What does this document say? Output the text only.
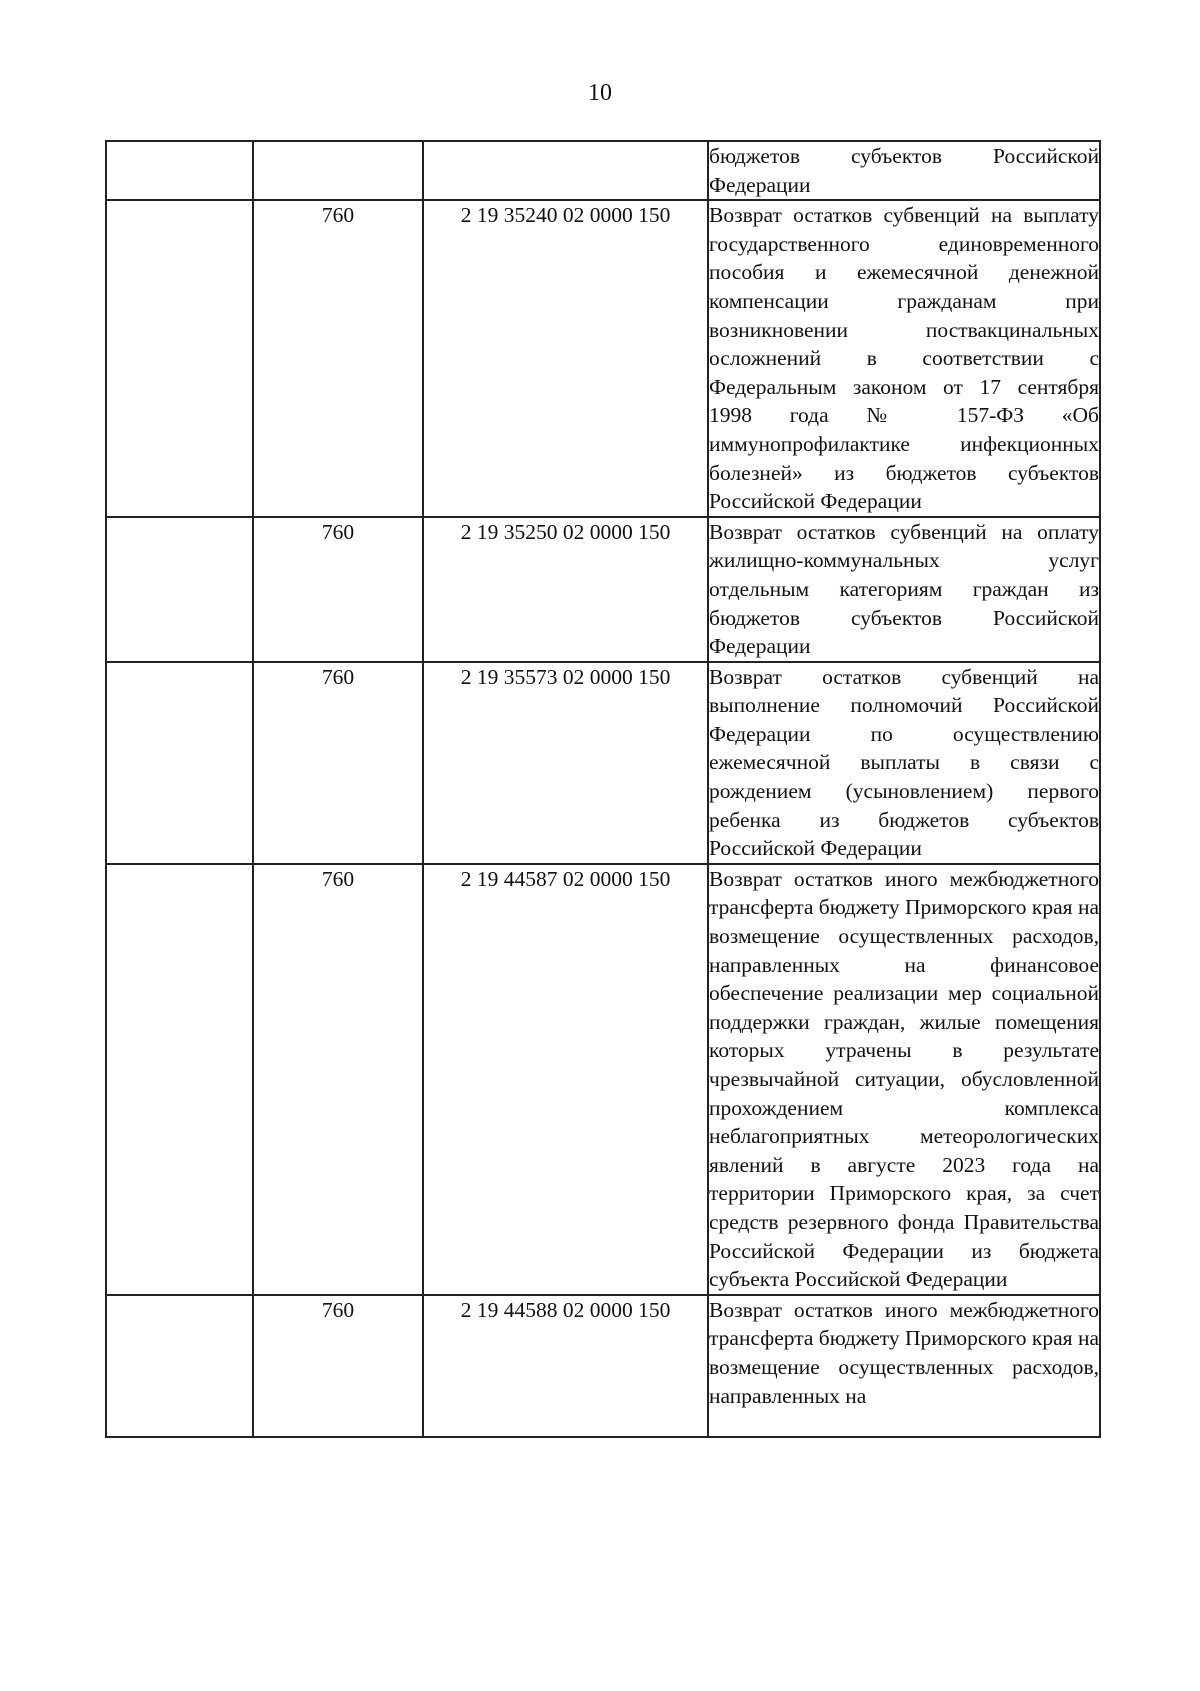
10
			бюджетов субъектов Российской Федерации
	760	2 19 35240 02 0000 150	Возврат остатков субвенций на выплату государственного единовременного пособия и ежемесячной денежной компенсации гражданам при возникновении поствакцинальных осложнений в соответствии с Федеральным законом от 17 сентября 1998 года № 157-ФЗ «Об иммунопрофилактике инфекционных болезней» из бюджетов субъектов Российской Федерации
	760	2 19 35250 02 0000 150	Возврат остатков субвенций на оплату жилищно-коммунальных услуг отдельным категориям граждан из бюджетов субъектов Российской Федерации
	760	2 19 35573 02 0000 150	Возврат остатков субвенций на выполнение полномочий Российской Федерации по осуществлению ежемесячной выплаты в связи с рождением (усыновлением) первого ребенка из бюджетов субъектов Российской Федерации
	760	2 19 44587 02 0000 150	Возврат остатков иного межбюджетного трансферта бюджету Приморского края на возмещение осуществленных расходов, направленных на финансовое обеспечение реализации мер социальной поддержки граждан, жилые помещения которых утрачены в результате чрезвычайной ситуации, обусловленной прохождением комплекса неблагоприятных метеорологических явлений в августе 2023 года на территории Приморского края, за счет средств резервного фонда Правительства Российской Федерации из бюджета субъекта Российской Федерации
	760	2 19 44588 02 0000 150	Возврат остатков иного межбюджетного трансферта бюджету Приморского края на возмещение осуществленных расходов, направленных на
